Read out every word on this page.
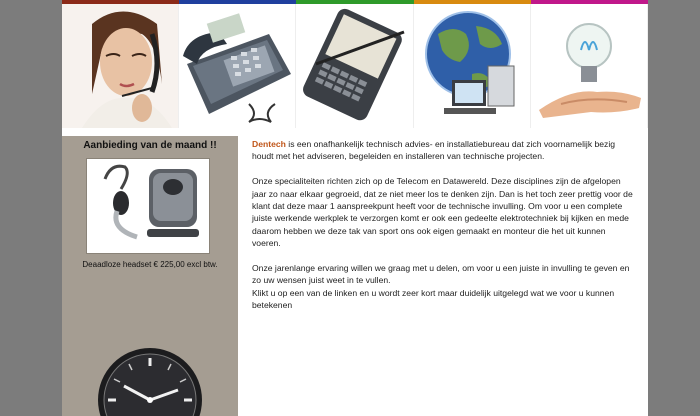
Aanbieding van de maand !!
Deaadloze headset € 225,00 excl btw.

Dentech is een onafhankelijk technisch advies- en installatiebureau dat zich voornamelijk bezig houdt met het adviseren, begeleiden en installeren van technische projecten.

Onze specialiteiten richten zich op de Telecom en Datawereld. Deze disciplines zijn de afgelopen jaar zo naar elkaar gegroeid, dat ze niet meer los te denken zijn. Dan is het toch zeer prettig voor de klant dat deze maar 1 aanspreekpunt heeft voor de technische invulling. Om voor u een complete juiste werkende werkplek te verzorgen komt er ook een gedeelte elektrotechniek bij kijken en mede daarom hebben we deze tak van sport ons ook eigen gemaakt en monteur die het uit kunnen voeren.

Onze jarenlange ervaring willen we graag met u delen, om voor u een juiste in invulling te geven en zo uw wensen juist weet in te vullen.
Klikt u op een van de linken en u wordt zeer kort maar duidelijk uitgelegd wat we voor u kunnen betekenen
